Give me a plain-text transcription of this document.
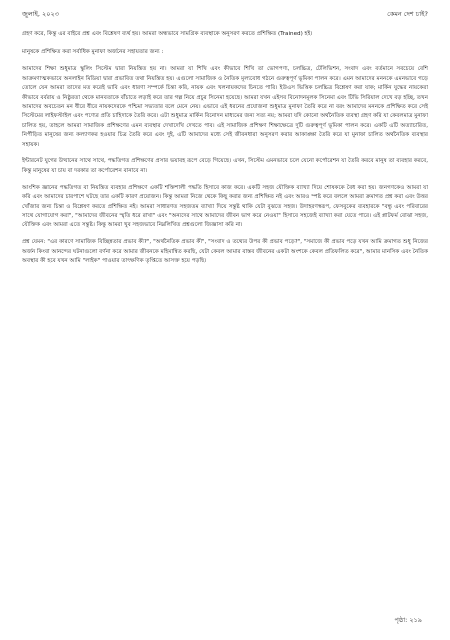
জুলাই, ২০২৩	কেমন দেশ চাই?

গ্রহণ করে, কিন্তু এর বাইরে প্রশ্ন এবং বিশ্লেষণ ব্যর্থ হয়। আমরা অন্ধভাবে সামগ্রিক ব্যবস্থাকে অনুসরণ করতে প্রশিক্ষিত (Trained) হই।

মানুষকে প্রশিক্ষিত করা সর্বাধিক মুনাফা অর্জনের সহায়তার জন্য :

আমাদের শিক্ষা শুধুমাত্র স্কুলিং সিস্টেম দ্বারা নিয়ন্ত্রিত হয় না। আমরা যা শিখি এবং কীভাবে শিখি তা ভোগপণ্য, চলচ্চিত্র, টেলিভিশন, সংবাদ এবং বর্তমানে সবচেয়ে বেশি আক্রমণাত্মকভাবে অনলাইন মিডিয়া দ্বারা প্রভাবিত তথা নিয়ন্ত্রিত হয়। এগুলো সামাজিক ও নৈতিক মূল্যবোধ গঠনে গুরুত্বপূর্ণ ভূমিকা পালন করে। এমন আমাদের মননকে এমনভাবে গড়ে তোলে যেন আমরা তাদের মত করেই ভাবি এবং ধারণা সম্পর্কে চিন্তা করি, নায়ক এবং খলনায়কদের চিনতে পারি। ইউএস ভিত্তিক চলচ্চিত্র বিশ্লেষণ করা যাক; মার্কিন যুদ্ধের নায়কেরা কীভাবে বর্বরায় ও নিষ্ঠুরতা থেকে মানবতাকে বাঁচাতে লড়াই করে তার গল্প নিয়ে প্রচুর সিনেমা হয়েছে। আমরা যখন এইসব বিনোদনমূলক সিনেমা এবং টিভি সিরিয়াল দেখে বড় হচ্ছি, তখন আমাদের অবচেতন মন ধীরে ধীরে নায়কদেরকে পশ্চিমা সভ্যতার বলে মেনে নেয়। এভাবে এই ধরনের প্রযোজনা শুধুমাত্র মুনাফা তৈরি করে না বরং আমাদের মননকে প্রশিক্ষিত করে সেই সিস্টেমের লাইফস্টাইল এবং পণ্যের প্রতি চাহিদাকে তৈরি করে। এটা শুধুমাত্র মার্কিন বিনোদন মাধ্যমের জন্য সত্য নয়; আমরা যদি কোনো অর্থনৈতিক ব্যবস্থা গ্রহণ করি যা কেবলমাত্র মুনাফা চালিত হয়, তাহলে আমরা সামাজিক প্রশিক্ষণের এমন ব্যবস্থার দেখাদেখি দেখতে পাব। এই সামাজিক প্রশিক্ষণ শিক্ষাক্ষেত্রে দুটি গুরুত্বপূর্ণ ভূমিকা পালন করে। একটি এটি অত্যাচারিত, নির্পীড়িত মানুষের জন্য কল্যাণকর হওয়ার চিত্র তৈরি করে এবং দুই, এটি আমাদের মধ্যে সেই জীবনধারা অনুসরণ করার আকাঙ্ক্ষা তৈরি করে যা মুনাফা চালিত অর্থনৈতিক ব্যবস্থার সহায়ক।

ইন্টারনেট যুগের উত্থানের সাথে সাথে, পদ্ধতিগত প্রশিক্ষণের প্রসার ভয়াবহ রূপে বেড়ে গিয়েছে। এখন, সিস্টেম এমনভাবে চলে যেনো কর্পোরেশন যা তৈরি করবে মানুষ তা ব্যবহার করবে, কিন্তু মানুষের যা চায় বা দরকার তা কর্পোরেশন বানাবে না।

আংশিক জ্ঞানের পদ্ধতিগত বা নিয়ন্ত্রিত ব্যবহার প্রশিক্ষণে একটি শক্তিশালী পদ্ধতি হিসাবে কাজ করে। একটি সহজ যৌক্তিক ব্যাখ্যা দিয়ে শোষককে বৈধ করা হয়। জনগণকেও আমরা যা করি এবং আমাদের চারপাশে ঘটছে তার একটি কারণ প্রয়োজন। কিন্তু আমরা নিজে থেকে কিছু করার জন্য প্রশিক্ষিত নই এবং আরও স্পষ্ট করে বললে আমরা ক্রমাগত প্রশ্ন করা এবং উত্তর খোঁজার জন্য চিন্তা ও বিশ্লেষণ করতে প্রশিক্ষিত নই। আমরা সাধারণত সহজতম ব্যাখ্যা দিয়ে সন্তুষ্ট থাকি যেটা বুঝতে সহজ। উদাহরণস্বরূপ, ফেসবুকের ব্যবহারকে "বন্ধু এবং পরিবারের সাথে যোগাযোগ করা", "আমাদের জীবনের স্মৃতি ধরে রাখা" এবং "অন্যদের সাথে আমাদের জীবন ভাগ করে নেওয়া" হিসাবে সহজেই ব্যাখ্যা করা যেতে পারে। এই প্লাটফর্ম বোঝা সহজ, যৌক্তিক এবং আমরা এতে সন্তুষ্ট। কিন্তু আমরা খুব সহজভাবে নিম্নলিখিত প্রশ্নগুলো জিজ্ঞাসা করি না।

প্রশ্ন যেমন: "এর কারণে সামাজিক বিচ্ছিন্নতার প্রভাব কী?", "অর্থনৈতিক প্রভাব কী", "সংবাদ ও তথ্যের উপর কী প্রভাব পড়ে?", "সমাজে কী প্রভাব পড়ে যখন আমি ক্রমাগত শুধু নিজের অর্জন কিংবা আনন্দের ঘটনাগুলো বর্ণনা করে আমার জীবনকে মহিমান্বিত করছি, যেটা কেবল আমার বাস্তব জীবনের একটা অংশকে কেবল প্রতিফলিত করে", আমার মানসিক এবং নৈতিক অবস্থার কী হবে যখন আমি "লাইক" পাওয়ার তাৎক্ষণিক তৃপ্তিতে আসক্ত হয়ে পড়ছি।

পৃষ্ঠা: ২১৯
